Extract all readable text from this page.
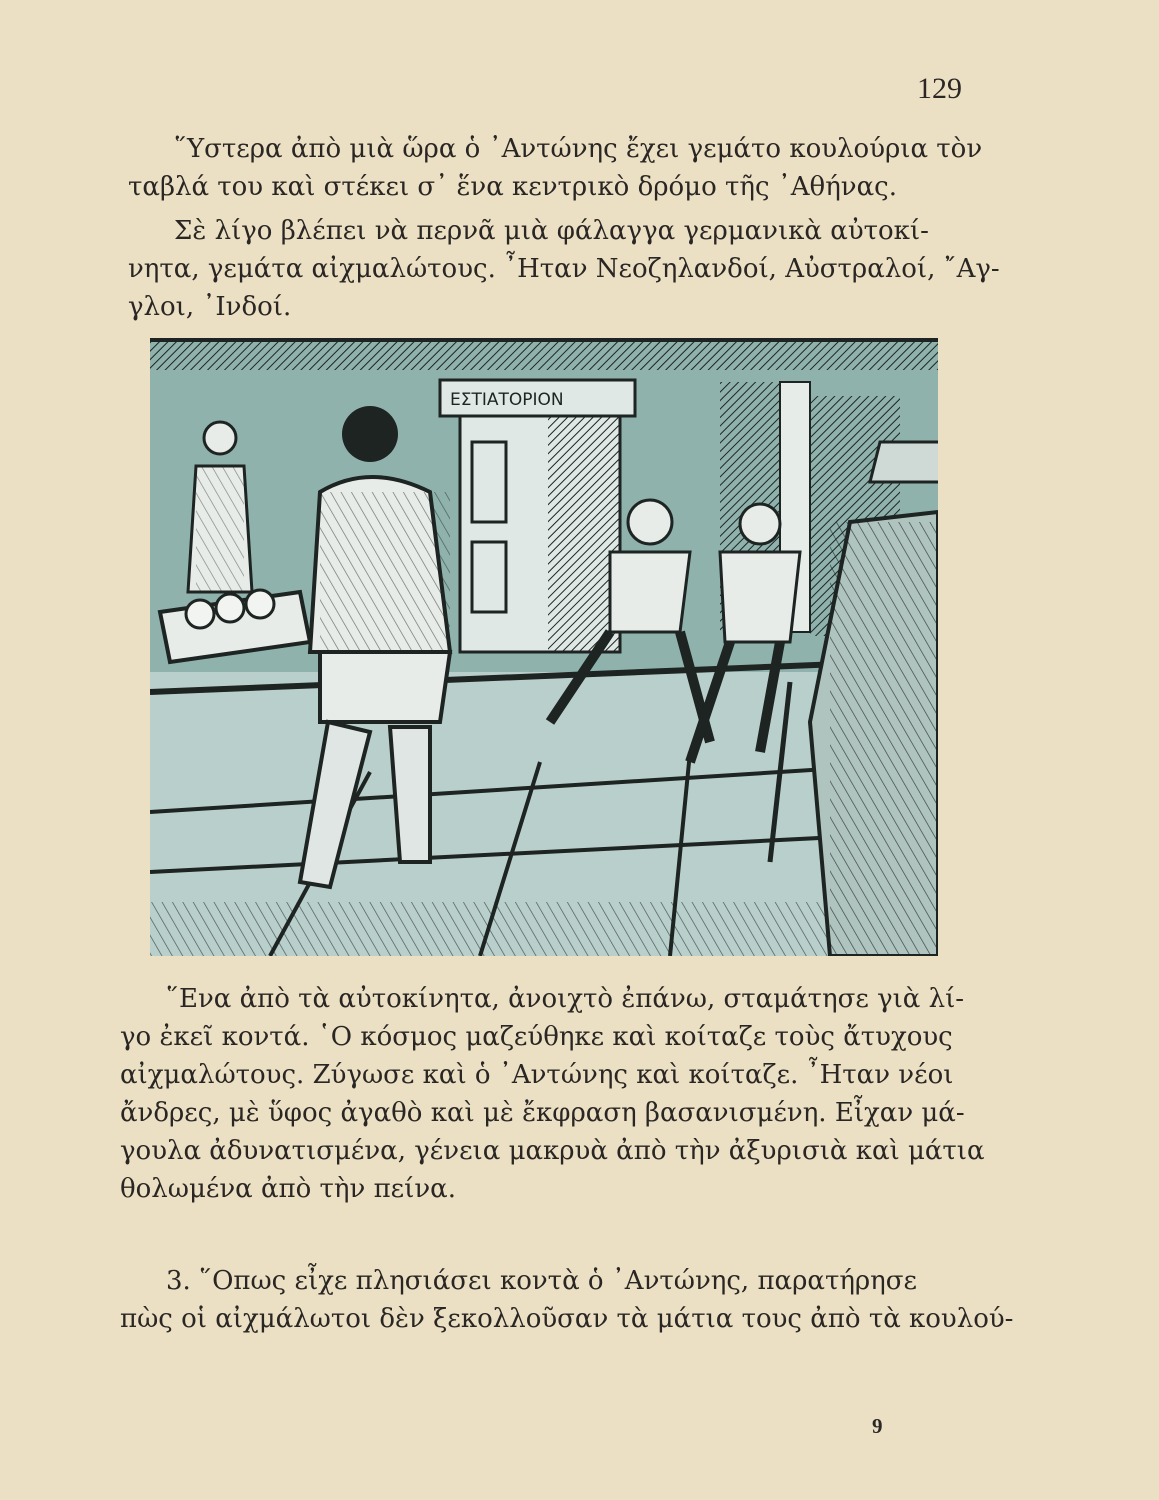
129
῞Υστερα ἀπὸ μιὰ ὥρα ὁ ᾿Αντώνης ἔχει γεμάτο κουλούρια τὸν
ταβλά του καὶ στέκει σ᾿ ἕνα κεντρικὸ δρόμο τῆς ᾿Αθήνας.
Σὲ λίγο βλέπει νὰ περνᾶ μιὰ φάλαγγα γερμανικὰ αὐτοκί-
νητα, γεμάτα αἰχμαλώτους. ῏Ηταν Νεοζηλανδοί, Αὐστραλοί, ῎Αγ-
γλοι, ᾿Ινδοί.
ΕΣΤΙΑΤΟΡΙΟΝ
῞Ενα ἀπὸ τὰ αὐτοκίνητα, ἀνοιχτὸ ἐπάνω, σταμάτησε γιὰ λί-
γο ἐκεῖ κοντά. ῾Ο κόσμος μαζεύθηκε καὶ κοίταζε τοὺς ἄτυχους
αἰχμαλώτους. Ζύγωσε καὶ ὁ ᾿Αντώνης καὶ κοίταζε. ῏Ηταν νέοι
ἄνδρες, μὲ ὕφος ἀγαθὸ καὶ μὲ ἔκφραση βασανισμένη. Εἶχαν μά-
γουλα ἀδυνατισμένα, γένεια μακρυὰ ἀπὸ τὴν ἀξυρισιὰ καὶ μάτια
θολωμένα ἀπὸ τὴν πείνα.
3. ῞Οπως εἶχε πλησιάσει κοντὰ ὁ ᾿Αντώνης, παρατήρησε
πὼς οἱ αἰχμάλωτοι δὲν ξεκολλοῦσαν τὰ μάτια τους ἀπὸ τὰ κουλού-
9
